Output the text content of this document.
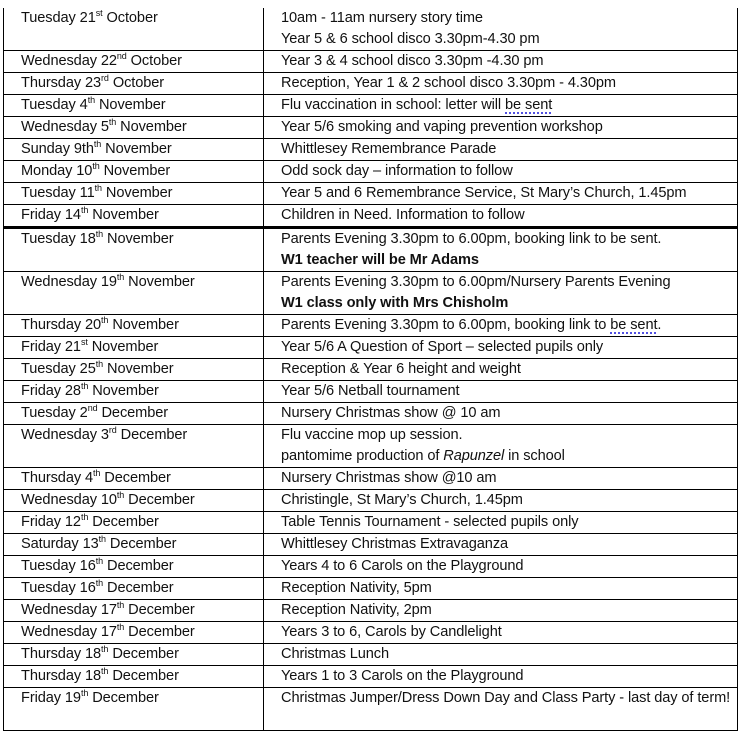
Tuesday 21st October	10am - 11am nursery story time
Year 5 & 6 school disco 3.30pm-4.30 pm

Wednesday 22nd October	Year 3 & 4 school disco 3.30pm -4.30 pm

Thursday 23rd October	Reception, Year 1 & 2 school disco 3.30pm - 4.30pm

Tuesday 4th November	Flu vaccination in school: letter will be sent

Wednesday 5th November	Year 5/6 smoking and vaping prevention workshop

Sunday $9th^{th}$ November	Whittlesey Remembrance Parade

Monday 10th November	Odd sock day – information to follow

Tuesday 11th November	Year 5 and 6 Remembrance Service, St Mary’s Church, 1.45pm

Friday 14th November	Children in Need. Information to follow

Tuesday 18th November	Parents Evening 3.30pm to 6.00pm, booking link to be sent.
W1 teacher will be Mr Adams

Wednesday 19th November	Parents Evening 3.30pm to 6.00pm/Nursery Parents Evening
W1 class only with Mrs Chisholm

Thursday 20th November	Parents Evening 3.30pm to 6.00pm, booking link to be sent.

Friday 21st November	Year 5/6 A Question of Sport – selected pupils only

Tuesday 25th November	Reception & Year 6 height and weight

Friday 28th November	Year 5/6 Netball tournament

Tuesday 2nd December	Nursery Christmas show @ 10 am

Wednesday 3rd December	Flu vaccine mop up session.
pantomime production of Rapunzel in school

Thursday 4th December	Nursery Christmas show @10 am

Wednesday 10th December	Christingle, St Mary’s Church, 1.45pm

Friday 12th December	Table Tennis Tournament - selected pupils only

Saturday 13th December	Whittlesey Christmas Extravaganza

Tuesday 16th December	Years 4 to 6 Carols on the Playground

Tuesday 16th December	Reception Nativity, 5pm

Wednesday 17th December	Reception Nativity, 2pm

Wednesday 17th December	Years 3 to 6, Carols by Candlelight

Thursday 18th December	Christmas Lunch

Thursday 18th December	Years 1 to 3 Carols on the Playground

Friday 19th December	Christmas Jumper/Dress Down Day and Class Party - last day of term!
